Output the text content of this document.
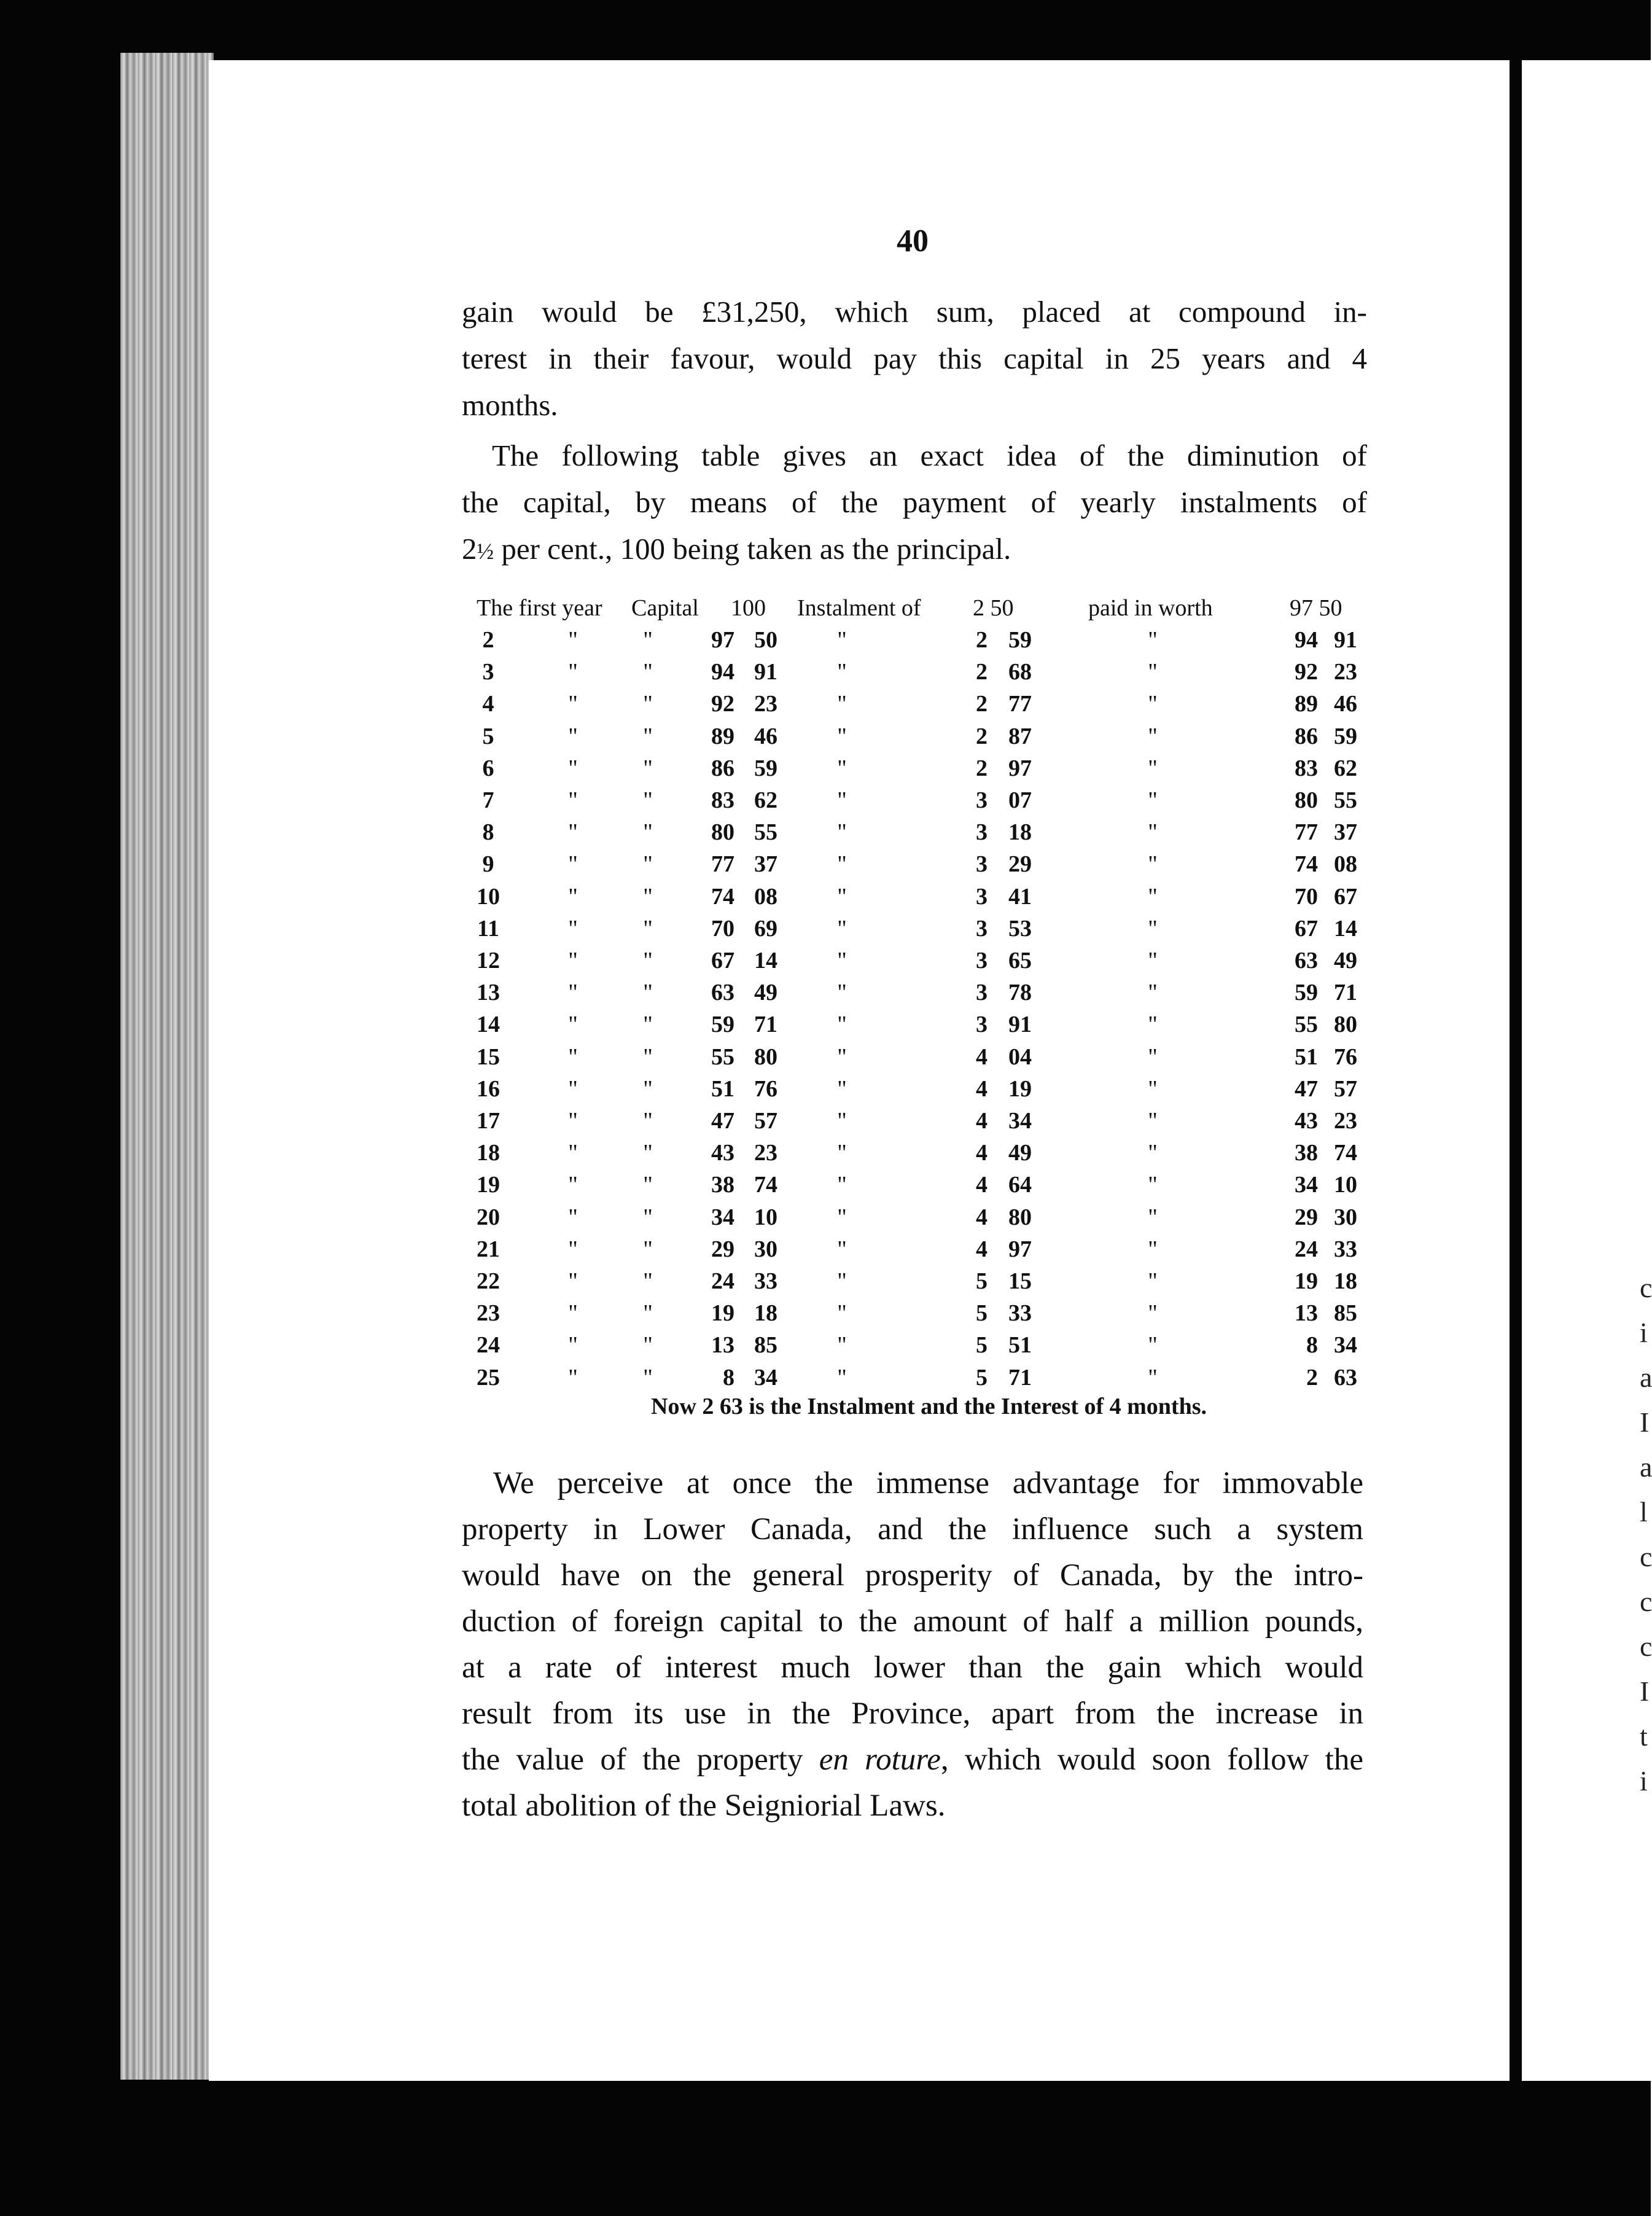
c
i
a
I
a
l
c
c
c
I
t
i
40
gain would be £31,250, which sum, placed at compound in-
terest in their favour, would pay this capital in 25 years and 4
months.
 The following table gives an exact idea of the diminution of
the capital, by means of the payment of yearly instalments of
2½ per cent., 100 being taken as the principal.
The first year Capital 100 Instalment of 2 50	paid in worth	97 50
2	"	"	97 50	"	2 59	"	94 91
3	"	"	94 91	"	2 68	"	92 23
4	"	"	92 23	"	2 77	"	89 46
5	"	"	89 46	"	2 87	"	86 59
6	"	"	86 59	"	2 97	"	83 62
7	"	"	83 62	"	3 07	"	80 55
8	"	"	80 55	"	3 18	"	77 37
9	"	"	77 37	"	3 29	"	74 08
10	"	"	74 08	"	3 41	"	70 67
11	"	"	70 69	"	3 53	"	67 14
12	"	"	67 14	"	3 65	"	63 49
13	"	"	63 49	"	3 78	"	59 71
14	"	"	59 71	"	3 91	"	55 80
15	"	"	55 80	"	4 04	"	51 76
16	"	"	51 76	"	4 19	"	47 57
17	"	"	47 57	"	4 34	"	43 23
18	"	"	43 23	"	4 49	"	38 74
19	"	"	38 74	"	4 64	"	34 10
20	"	"	34 10	"	4 80	"	29 30
21	"	"	29 30	"	4 97	"	24 33
22	"	"	24 33	"	5 15	"	19 18
23	"	"	19 18	"	5 33	"	13 85
24	"	"	13 85	"	5 51	"	8 34
25	"	"	8 34	"	5 71	"	2 63
Now 2 63 is the Instalment and the Interest of 4 months.
 We perceive at once the immense advantage for immovable
property in Lower Canada, and the influence such a system
would have on the general prosperity of Canada, by the intro-
duction of foreign capital to the amount of half a million pounds,
at a rate of interest much lower than the gain which would
result from its use in the Province, apart from the increase in
the value of the property en roture, which would soon follow the
total abolition of the Seigniorial Laws.
